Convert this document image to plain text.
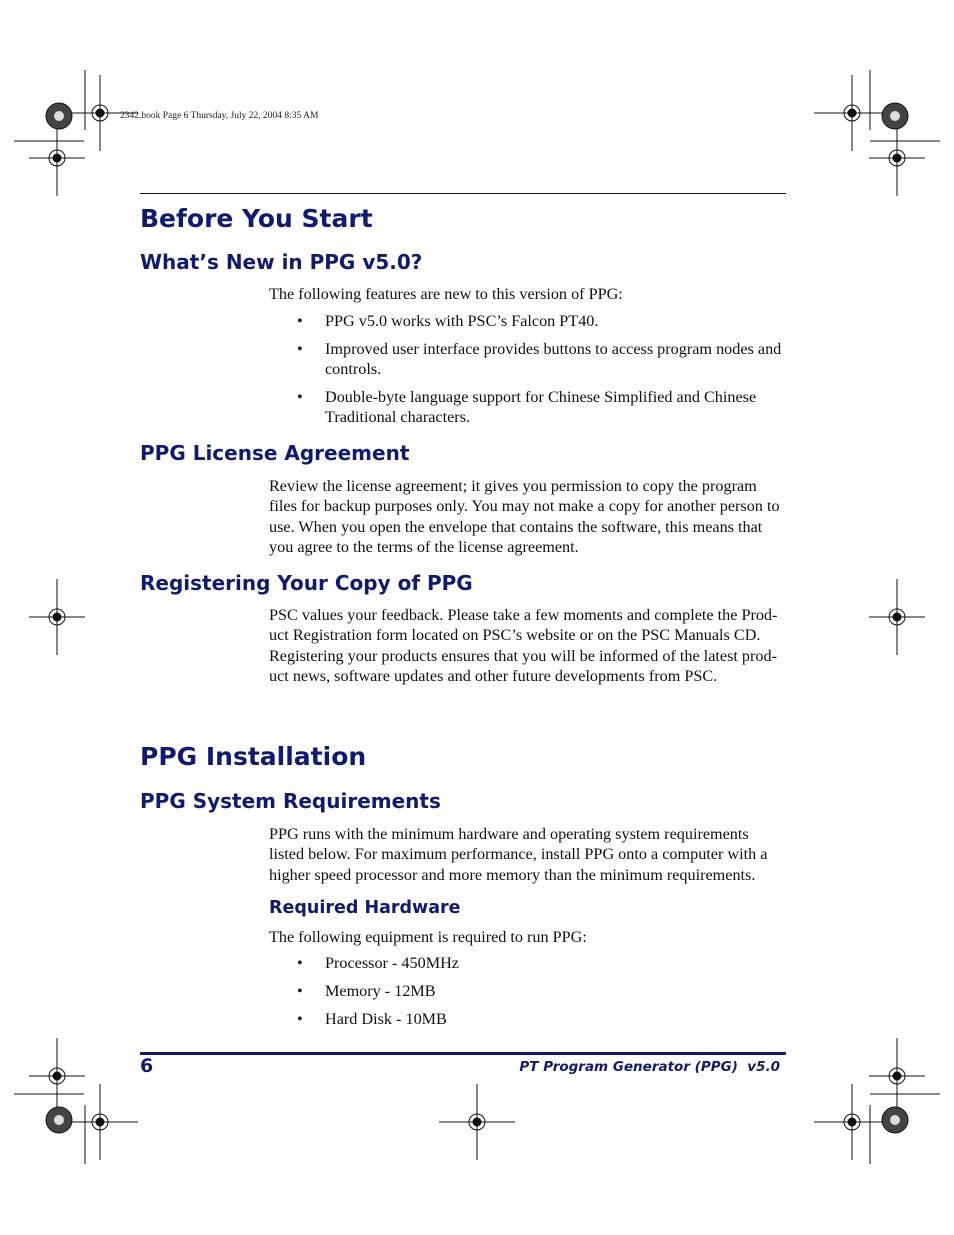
2342.book Page 6 Thursday, July 22, 2004 8:35 AM
Before You Start
What’s New in PPG v5.0?

The following features are new to this version of PPG:

• PPG v5.0 works with PSC’s Falcon PT40.
• Improved user interface provides buttons to access program nodes and
controls.
• Double-byte language support for Chinese Simplified and Chinese
Traditional characters.
PPG License Agreement
Review the license agreement; it gives you permission to copy the program
files for backup purposes only. You may not make a copy for another person to
use. When you open the envelope that contains the software, this means that
you agree to the terms of the license agreement.
Registering Your Copy of PPG
PSC values your feedback. Please take a few moments and complete the Prod-
uct Registration form located on PSC’s website or on the PSC Manuals CD.
Registering your products ensures that you will be informed of the latest prod-
uct news, software updates and other future developments from PSC.
PPG Installation
PPG System Requirements
PPG runs with the minimum hardware and operating system requirements
listed below. For maximum performance, install PPG onto a computer with a
higher speed processor and more memory than the minimum requirements.
Required Hardware

The following equipment is required to run PPG:

• Processor - 450MHz
• Memory - 12MB
• Hard Disk - 10MB
6	PT Program Generator (PPG)  v5.0
